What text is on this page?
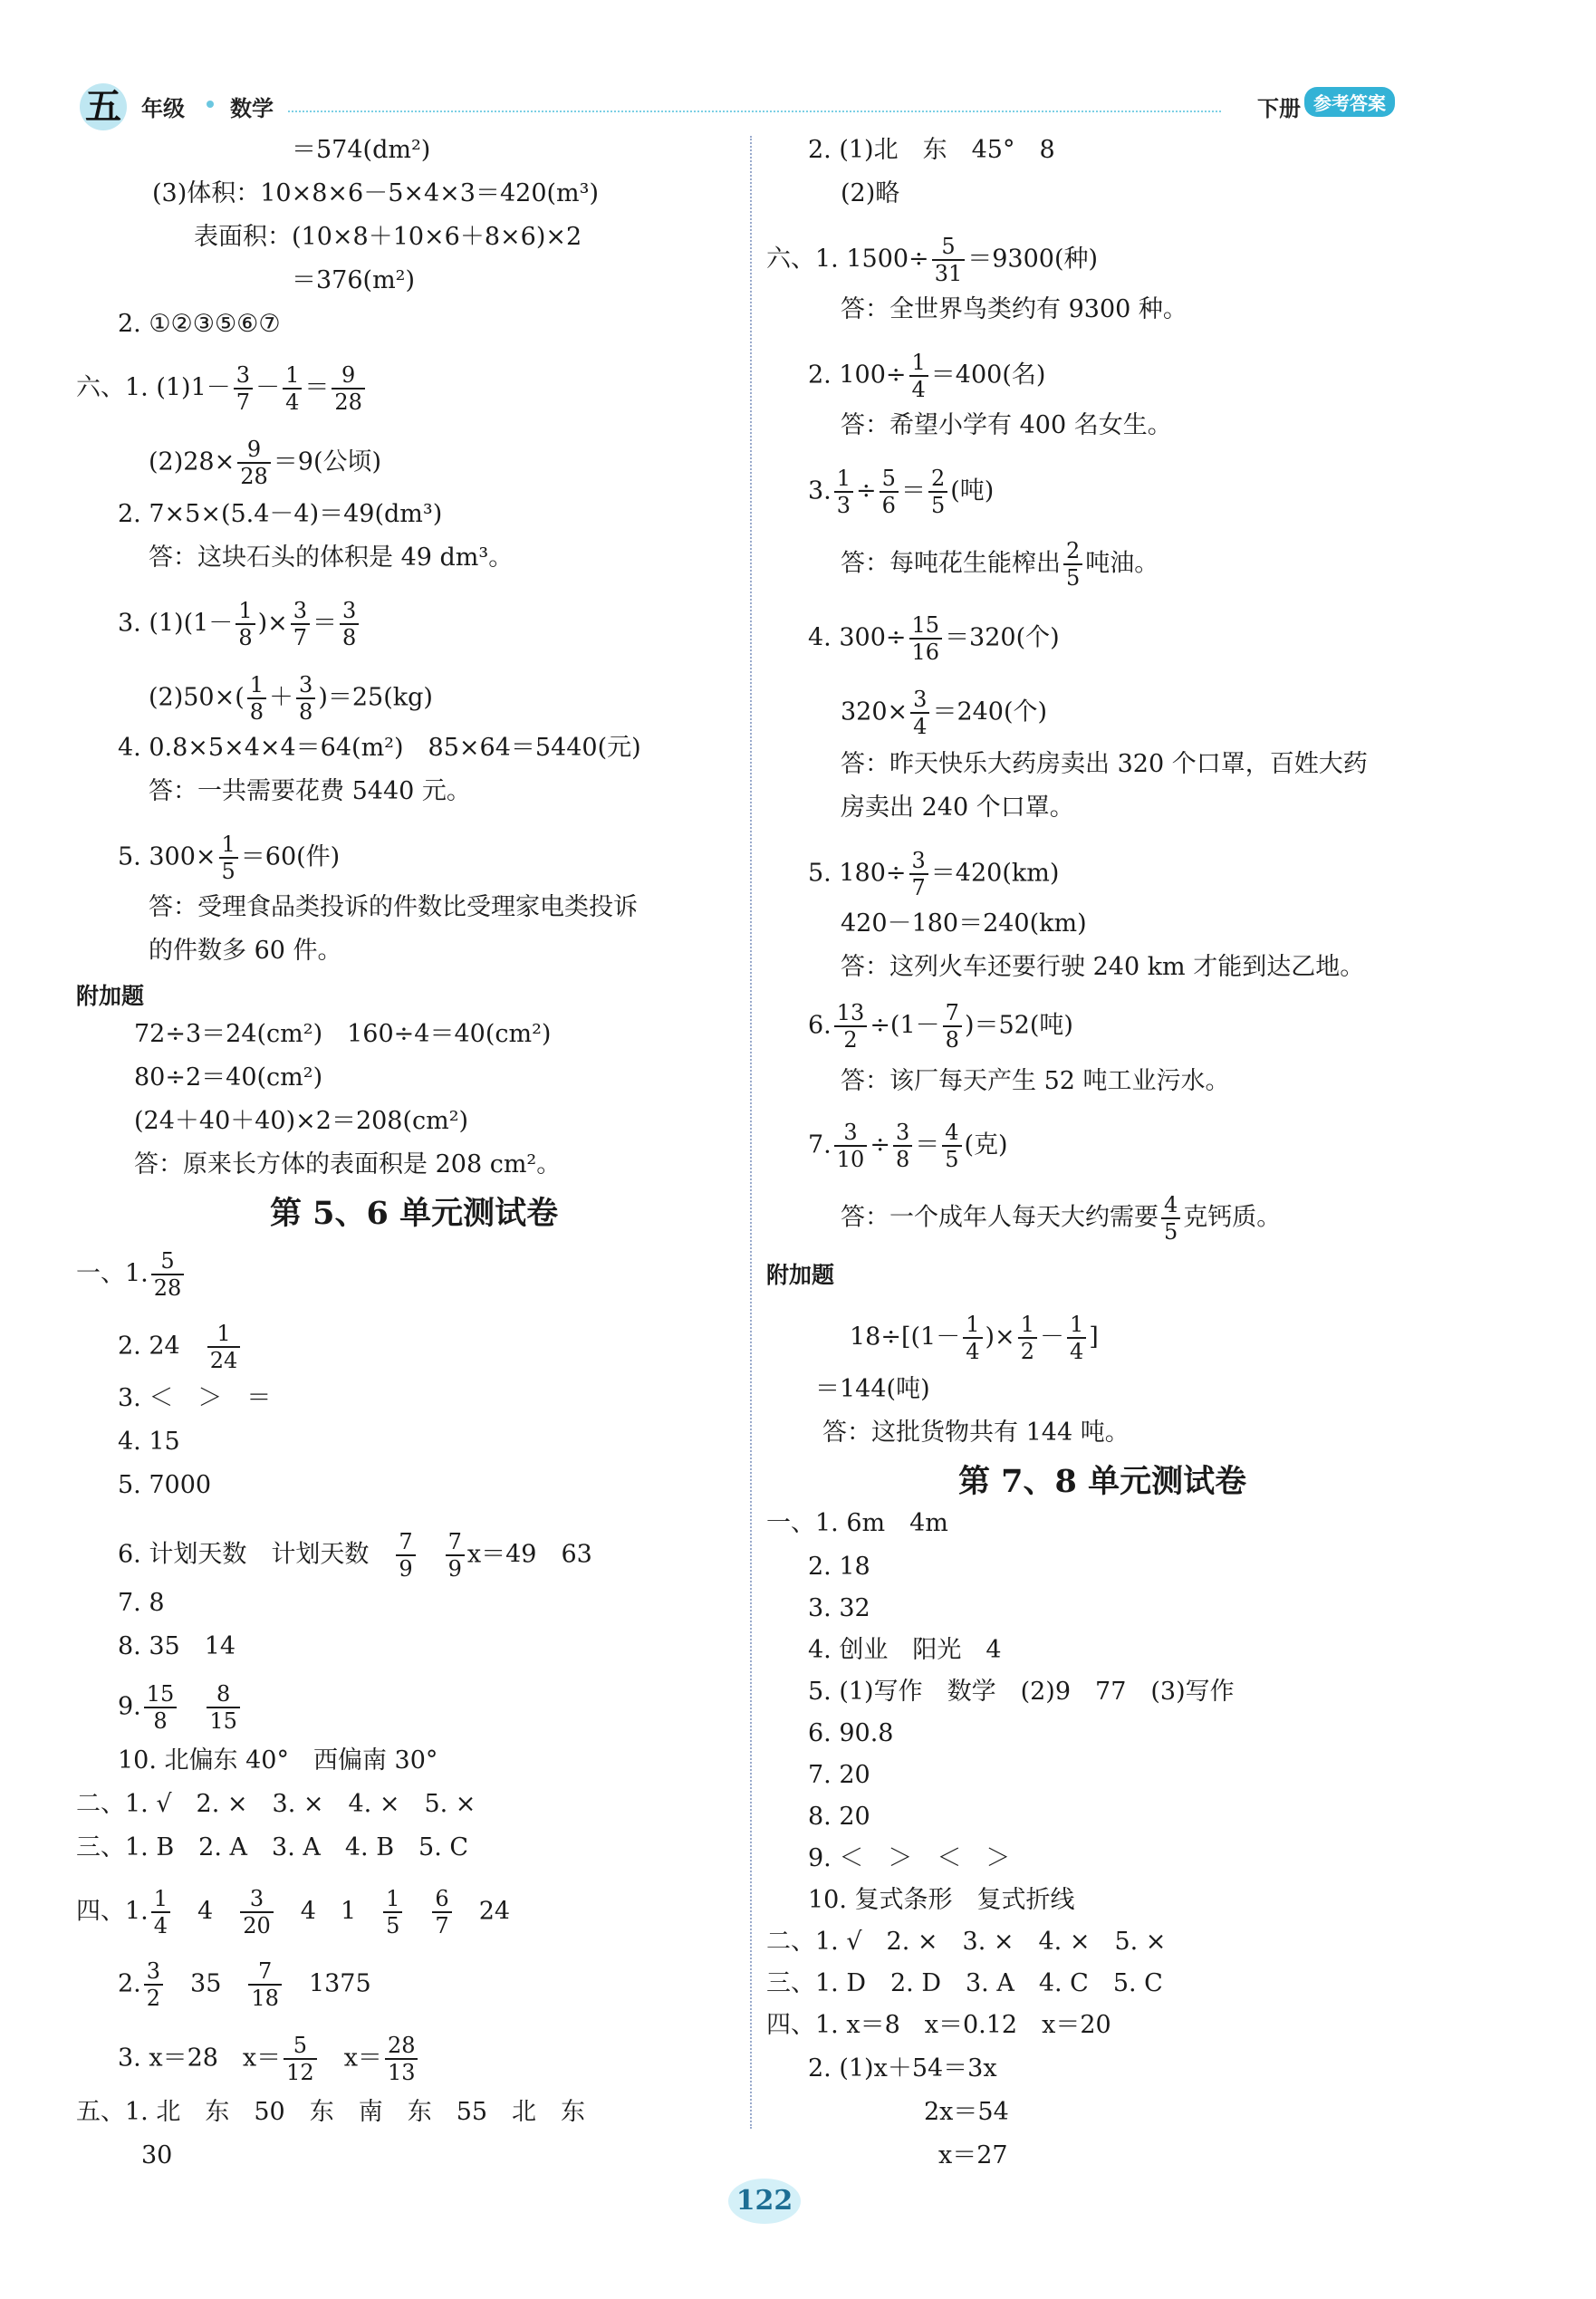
五 年级 数学	下册 参考答案
＝574(dm²)
(3)体积：10×8×6－5×4×3＝420(m³)
表面积：(10×8＋10×6＋8×6)×2
＝376(m²)
2. ①②③⑤⑥⑦
六、1. $(1)1- \frac{3}{7} - \frac{1}{4} = \frac{9}{28}$
$(2)28\times \frac{9}{28} =9$(公顷)
2. 7×5×(5.4－4)＝49(dm³)
答：这块石头的体积是 49 dm³。
3. $(1)(1- \frac{1}{8}$ )× $\frac{3}{7} = \frac{3}{8}$
$(2)50\times( \frac{1}{8} + \frac{3}{8} )=25(kg)$
4. 0.8×5×4×4＝64(m²)　85×64＝5440(元)
答：一共需要花费 5440 元。
5. $300\times \frac{1}{5} =60$(件)
答：受理食品类投诉的件数比受理家电类投诉
的件数多 60 件。
附加题
72÷3＝24(cm²)　160÷4＝40(cm²)
80÷2＝40(cm²)
(24＋40＋40)×2＝208(cm²)
答：原来长方体的表面积是 208 cm²。
第 5、6 单元测试卷
一、1. $\frac{5}{28}$
2. 24　 $\frac{1}{24}$
3. ＜　＞　＝
4. 15
5. 7000
6. 计划天数　计划天数　 $\frac{7}{9}$
　 $\frac{7}{9} x=49$　63
7. 8
8. 35　14
9. $\frac{15}{8}$
　 $\frac{8}{15}$
10. 北偏东 40°　西偏南 30°
二、1. √　2. ×　3. ×　4. ×　5. ×
三、1. B　2. A　3. A　4. B　5. C
四、1. $\frac{1}{4}$
　 4　 $\frac{3}{20}$
　 4　1　 $\frac{1}{5}$
　 $\frac{6}{7}$
　 24
2. $\frac{3}{2}$
　 35　 $\frac{7}{18}$
　 1375
3. x＝28　$x= \frac{5}{12}$
　 $x= \frac{28}{13}$
五、1. 北　东　50　东　南　东　55　北　东
30
2. (1)北　东　45°　8
(2)略
六、1. $1500\div \frac{5}{31} =9300$(种)
答：全世界鸟类约有 9300 种。
2. $100\div \frac{1}{4} =400$(名)
答：希望小学有 400 名女生。
3. $\frac{1}{3} \div \frac{5}{6} = \frac{2}{5}$ (吨)
答：每吨花生能榨出 $\frac{2}{5}$ 吨油。
4. $300\div \frac{15}{16} =320$(个)
$320\times \frac{3}{4} =240$(个)
答：昨天快乐大药房卖出 320 个口罩，百姓大药
房卖出 240 个口罩。
5. $180\div \frac{3}{7} =420(km)$
420－180＝240(km)
答：这列火车还要行驶 240 km 才能到达乙地。
6. $\frac{13}{2} \div(1- \frac{7}{8} )=52$(吨)
答：该厂每天产生 52 吨工业污水。
7. $\frac{3}{10} \div \frac{3}{8} = \frac{4}{5}$ (克)
答：一个成年人每天大约需要 $\frac{4}{5}$ 克钙质。
附加题
$18\div[(1- \frac{1}{4}$ )× $\frac{1}{2} - \frac{1}{4}$ ]
＝144(吨)
答：这批货物共有 144 吨。
第 7、8 单元测试卷
一、1. 6m　4m
2. 18
3. 32
4. 创业　阳光　4
5. (1)写作　数学　(2)9　77　(3)写作
6. 90.8
7. 20
8. 20
9. ＜　＞　＜　＞
10. 复式条形　复式折线
二、1. √　2. ×　3. ×　4. ×　5. ×
三、1. D　2. D　3. A　4. C　5. C
四、1. x＝8　x＝0.12　x＝20
2. (1)x＋54＝3x
2x＝54
x＝27
122
